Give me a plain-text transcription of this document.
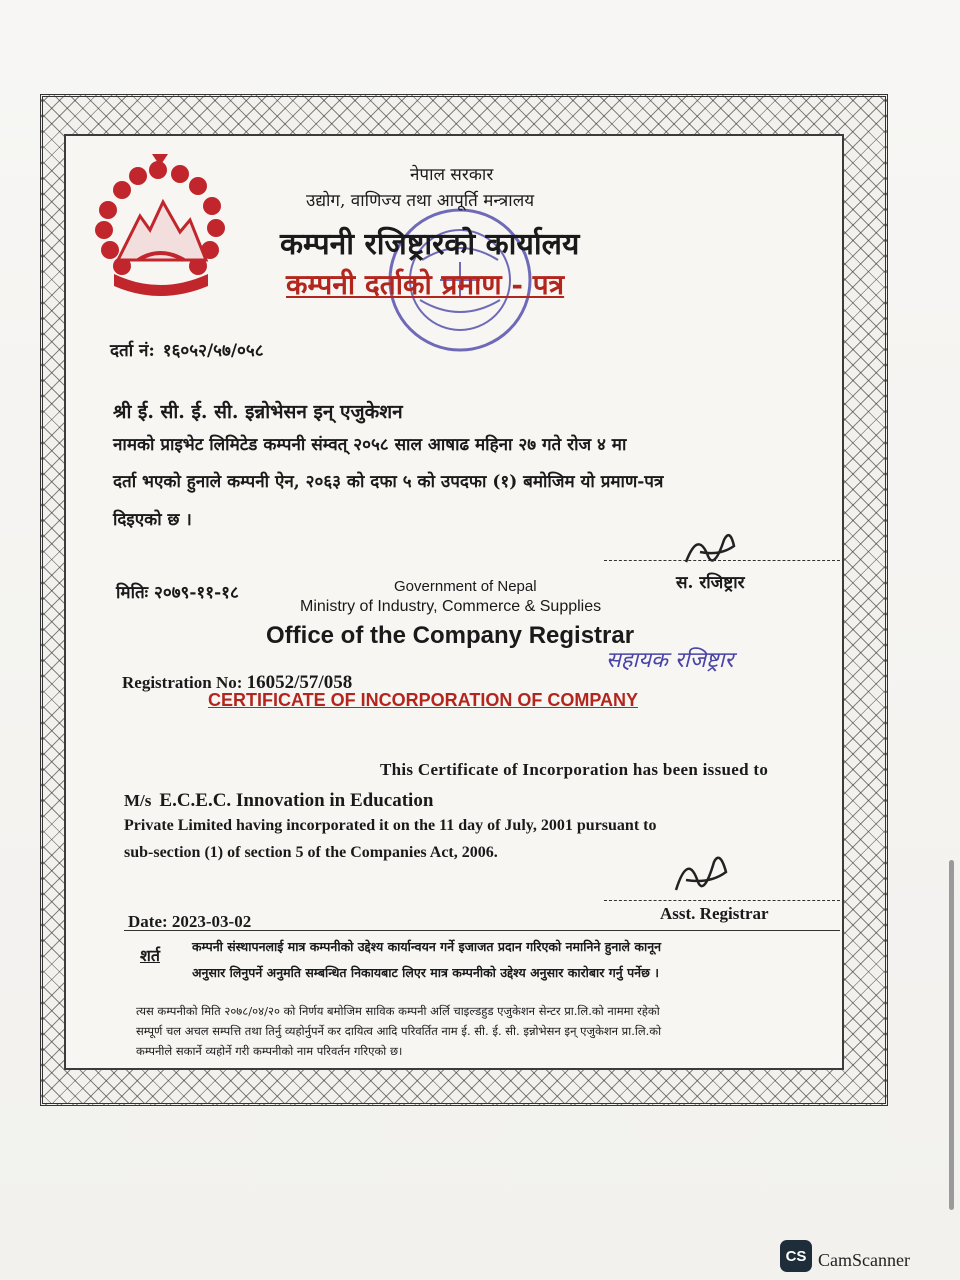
नेपाल सरकार
उद्योग, वाणिज्य तथा आपूर्ति मन्त्रालय
कम्पनी रजिष्ट्रारको कार्यालय
कम्पनी दर्ताको प्रमाण - पत्र
दर्ता नं: १६०५२/५७/०५८
श्री ई. सी. ई. सी. इन्नोभेसन इन् एजुकेशन
नामको प्राइभेट लिमिटेड कम्पनी संम्वत् २०५८ साल आषाढ महिना २७ गते रोज ४ मा
दर्ता भएको हुनाले कम्पनी ऐन, २०६३ को दफा ५ को उपदफा (१) बमोजिम यो प्रमाण-पत्र
दिइएको छ ।
मितिः २०७९-११-१८	स. रजिष्ट्रार
Government of Nepal
Ministry of Industry, Commerce & Supplies
Office of the Company Registrar
सहायक रजिष्ट्रार
Registration No: 16052/57/058
CERTIFICATE OF INCORPORATION OF COMPANY
This Certificate of Incorporation has been issued to
M/s E.C.E.C. Innovation in Education
Private Limited having incorporated it on the 11 day of July, 2001 pursuant to
sub-section (1) of section 5 of the Companies Act, 2006.
Date: 2023-03-02	Asst. Registrar
शर्त	कम्पनी संस्थापनलाई मात्र कम्पनीको उद्देश्य कार्यान्वयन गर्ने इजाजत प्रदान गरिएको नमानिने हुनाले कानून
अनुसार लिनुपर्ने अनुमति सम्बन्धित निकायबाट लिएर मात्र कम्पनीको उद्देश्य अनुसार कारोबार गर्नु पर्नेछ ।
त्यस कम्पनीको मिति २०७८/०४/२० को निर्णय बमोजिम साविक कम्पनी अर्लि चाइल्डहुड एजुकेशन सेन्टर प्रा.लि.को नाममा रहेको
सम्पूर्ण चल अचल सम्पत्ति तथा तिर्नु व्यहोर्नुपर्ने कर दायित्व आदि परिवर्तित नाम ई. सी. ई. सी. इन्नोभेसन इन् एजुकेशन प्रा.लि.को
कम्पनीले सकार्ने व्यहोर्ने गरी कम्पनीको नाम परिवर्तन गरिएको छ।
CS CamScanner
